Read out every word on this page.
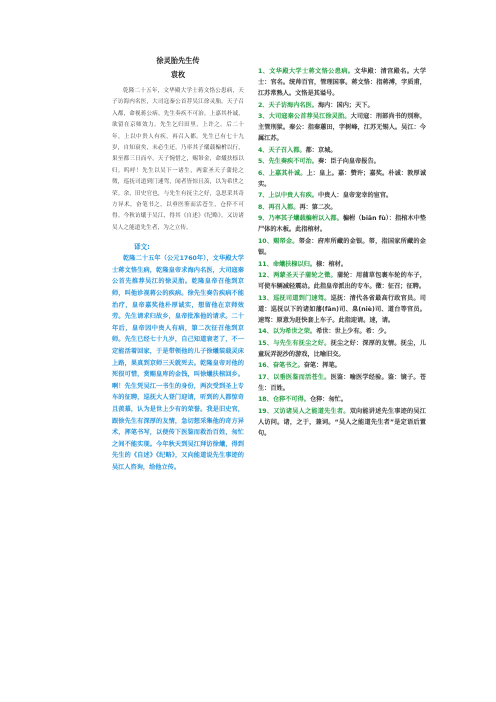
徐灵胎先生传

袁枚

乾隆二十五年，文华殿大学士蒋文恪公患病，天子访海内名医，大司寇秦公首荐吴江徐灵胎。天子召入都，命视蒋公病。先生奏疾不可治。上嘉其朴诚，欲留在京师效力。先生乞归田里，上许之。后二十年，上以中贵人有疾，再召入都。先生已有七十九岁，自知衰矣，未必生还，乃率其子爔载楄柎以行，果至都三日而卒。天子惋惜之，赐帑金，命爔扶榇以归。呜呼！先生以吴下一诸生，两蒙圣天子蒲轮之徵，巡抚司道到门速驾，闻者皆惊且羡，以为希世之荣。余，旧史官也，与先生有抚尘之好，急思采其奇方异术，奋笔书之，以垂医鉴而活苍生，仓猝不可得。今秋访爔于吴江，得其《自述》《纪略》，又访诸吴人之能道先生者，为之立传。

译文:

乾隆二十五年（公元1760年），文华殿大学士蒋文恪生病，乾隆皇帝求海内名医，大司寇秦公首先推荐吴江的徐灵胎。乾隆皇帝召他到京师，叫他诊视蒋公的疾病。徐先生奏告疾病不能治疗，皇帝嘉奖他朴厚诚实，想留他在京师效劳。先生请求归故乡，皇帝批准他的请求。二十年后，皇帝因中贵人有病，第二次征召他到京师。先生已经七十九岁，自己知道衰老了，不一定能活着回家，于是带领他的儿子徐爔装载灵床上路，果真到京师三天就死去。乾隆皇帝对他的死很可惜，赏赐皇库的金钱，叫徐爔扶棺回乡。啊！先生凭吴江一书生的身份，两次受到圣上专车的征聘，巡抚大人登门迎请，听到的人都惊奇且羡慕，认为是世上少有的荣誉。我是旧史官，跟徐先生有深厚的友情，急切想采集他的奇方异术，挥笔书写，以便传下医鉴而救治百姓，匆忙之间不能实现。今年秋天到吴江拜访徐爔，得到先生的《自述》《纪略》，又向能道说先生事迹的吴江人咨询，给他立传。

1、文华殿大学士蒋文恪公患病。文华殿：清宫殿名。大学士：官名。统帅百官，管理国事。蒋文恪：指蒋溥，字质甫，江苏常熟人。文恪是其谥号。

2、天子访海内名医。海内：国内；天下。

3、大司寇秦公首荐吴江徐灵胎。大司寇：刑部尚书的别称，主管刑狱。秦公：指秦蕙田，字树峰，江苏无锡人。吴江：今属江苏。

4、天子召入都。都：京城。

5、先生奏疾不可治。奏：臣子向皇帝报告。

6、上嘉其朴诚。上：皇上。嘉：赞许；嘉奖。朴诚：敦厚诚实。

7、上以中贵人有疾。中贵人：皇帝宠幸的宦官。

8、再召入都。再：第二次。

9、乃率其子爔载楄柎以入都。楄柎（biān fù）：指棺木中垫尸体的木板。此指棺材。

10、赐帑金。帑金：府库所藏的金银。帑，指国家所藏的金银。

11、命爔扶榇以归。榇：棺材。

12、两蒙圣天子蒲轮之徵。蒲轮：用蒲草包裹车轮的车子，可使车辆减轻震动。此指皇帝派出的专车。徵：征召；征聘。

13、巡抚司道到门速驾。巡抚：清代各省最高行政官员。司道：巡抚以下的诸如藩(fān)司、臬(niè)司、道台等官员。速驾：原意为赶快套上车子。此指迎请。速，请。

14、以为希世之荣。希世：世上少有。希：少。

15、与先生有抚尘之好。抚尘之好：深厚的友情。抚尘，儿童玩弄泥沙的游戏，比喻旧交。

16、奋笔书之。奋笔：挥笔。

17、以垂医鉴而活苍生。医鉴：喻医学经验。鉴：镜子。苍生：百姓。

18、仓猝不可得。仓猝：匆忙。

19、又访诸吴人之能道先生者。双向能讲述先生事迹的吴江人访问。诸，之于，兼词。“吴人之能道先生者”是定语后置句。
